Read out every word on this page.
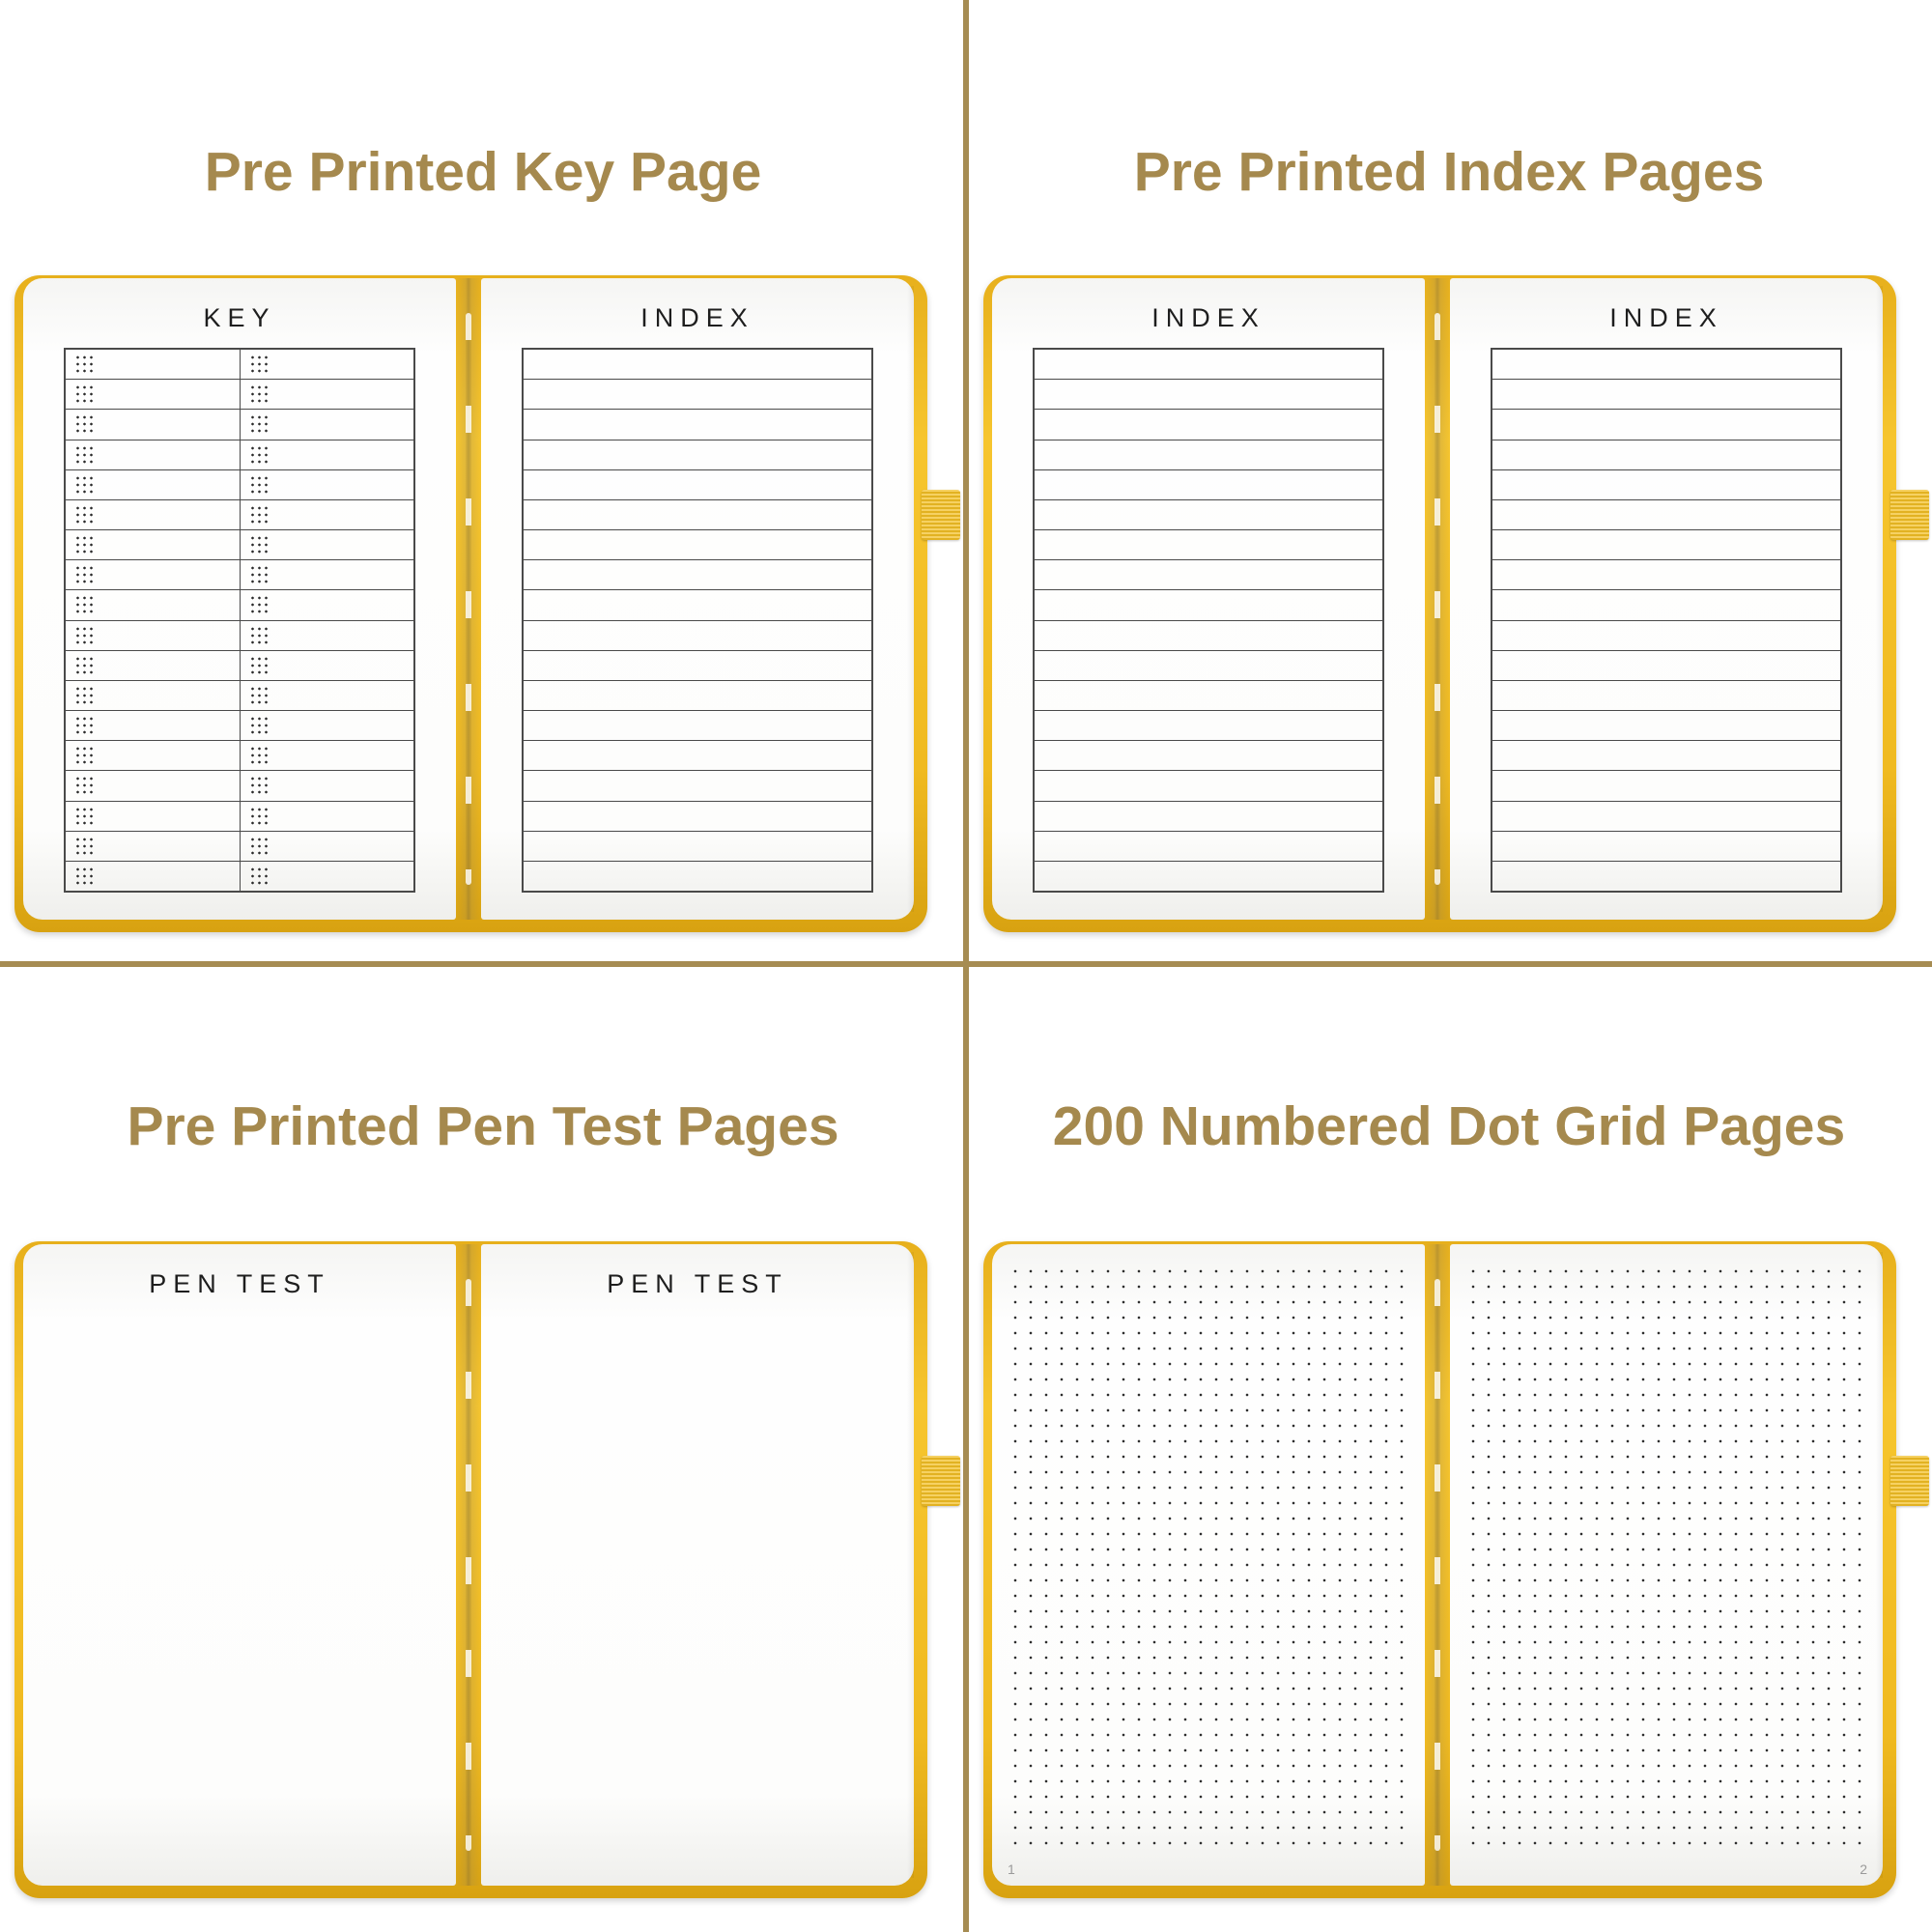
Pre Printed Key Page
KEY	INDEX
Pre Printed Index Pages
INDEX	INDEX
Pre Printed Pen Test Pages
PEN TEST	PEN TEST
200 Numbered Dot Grid Pages
1	2
